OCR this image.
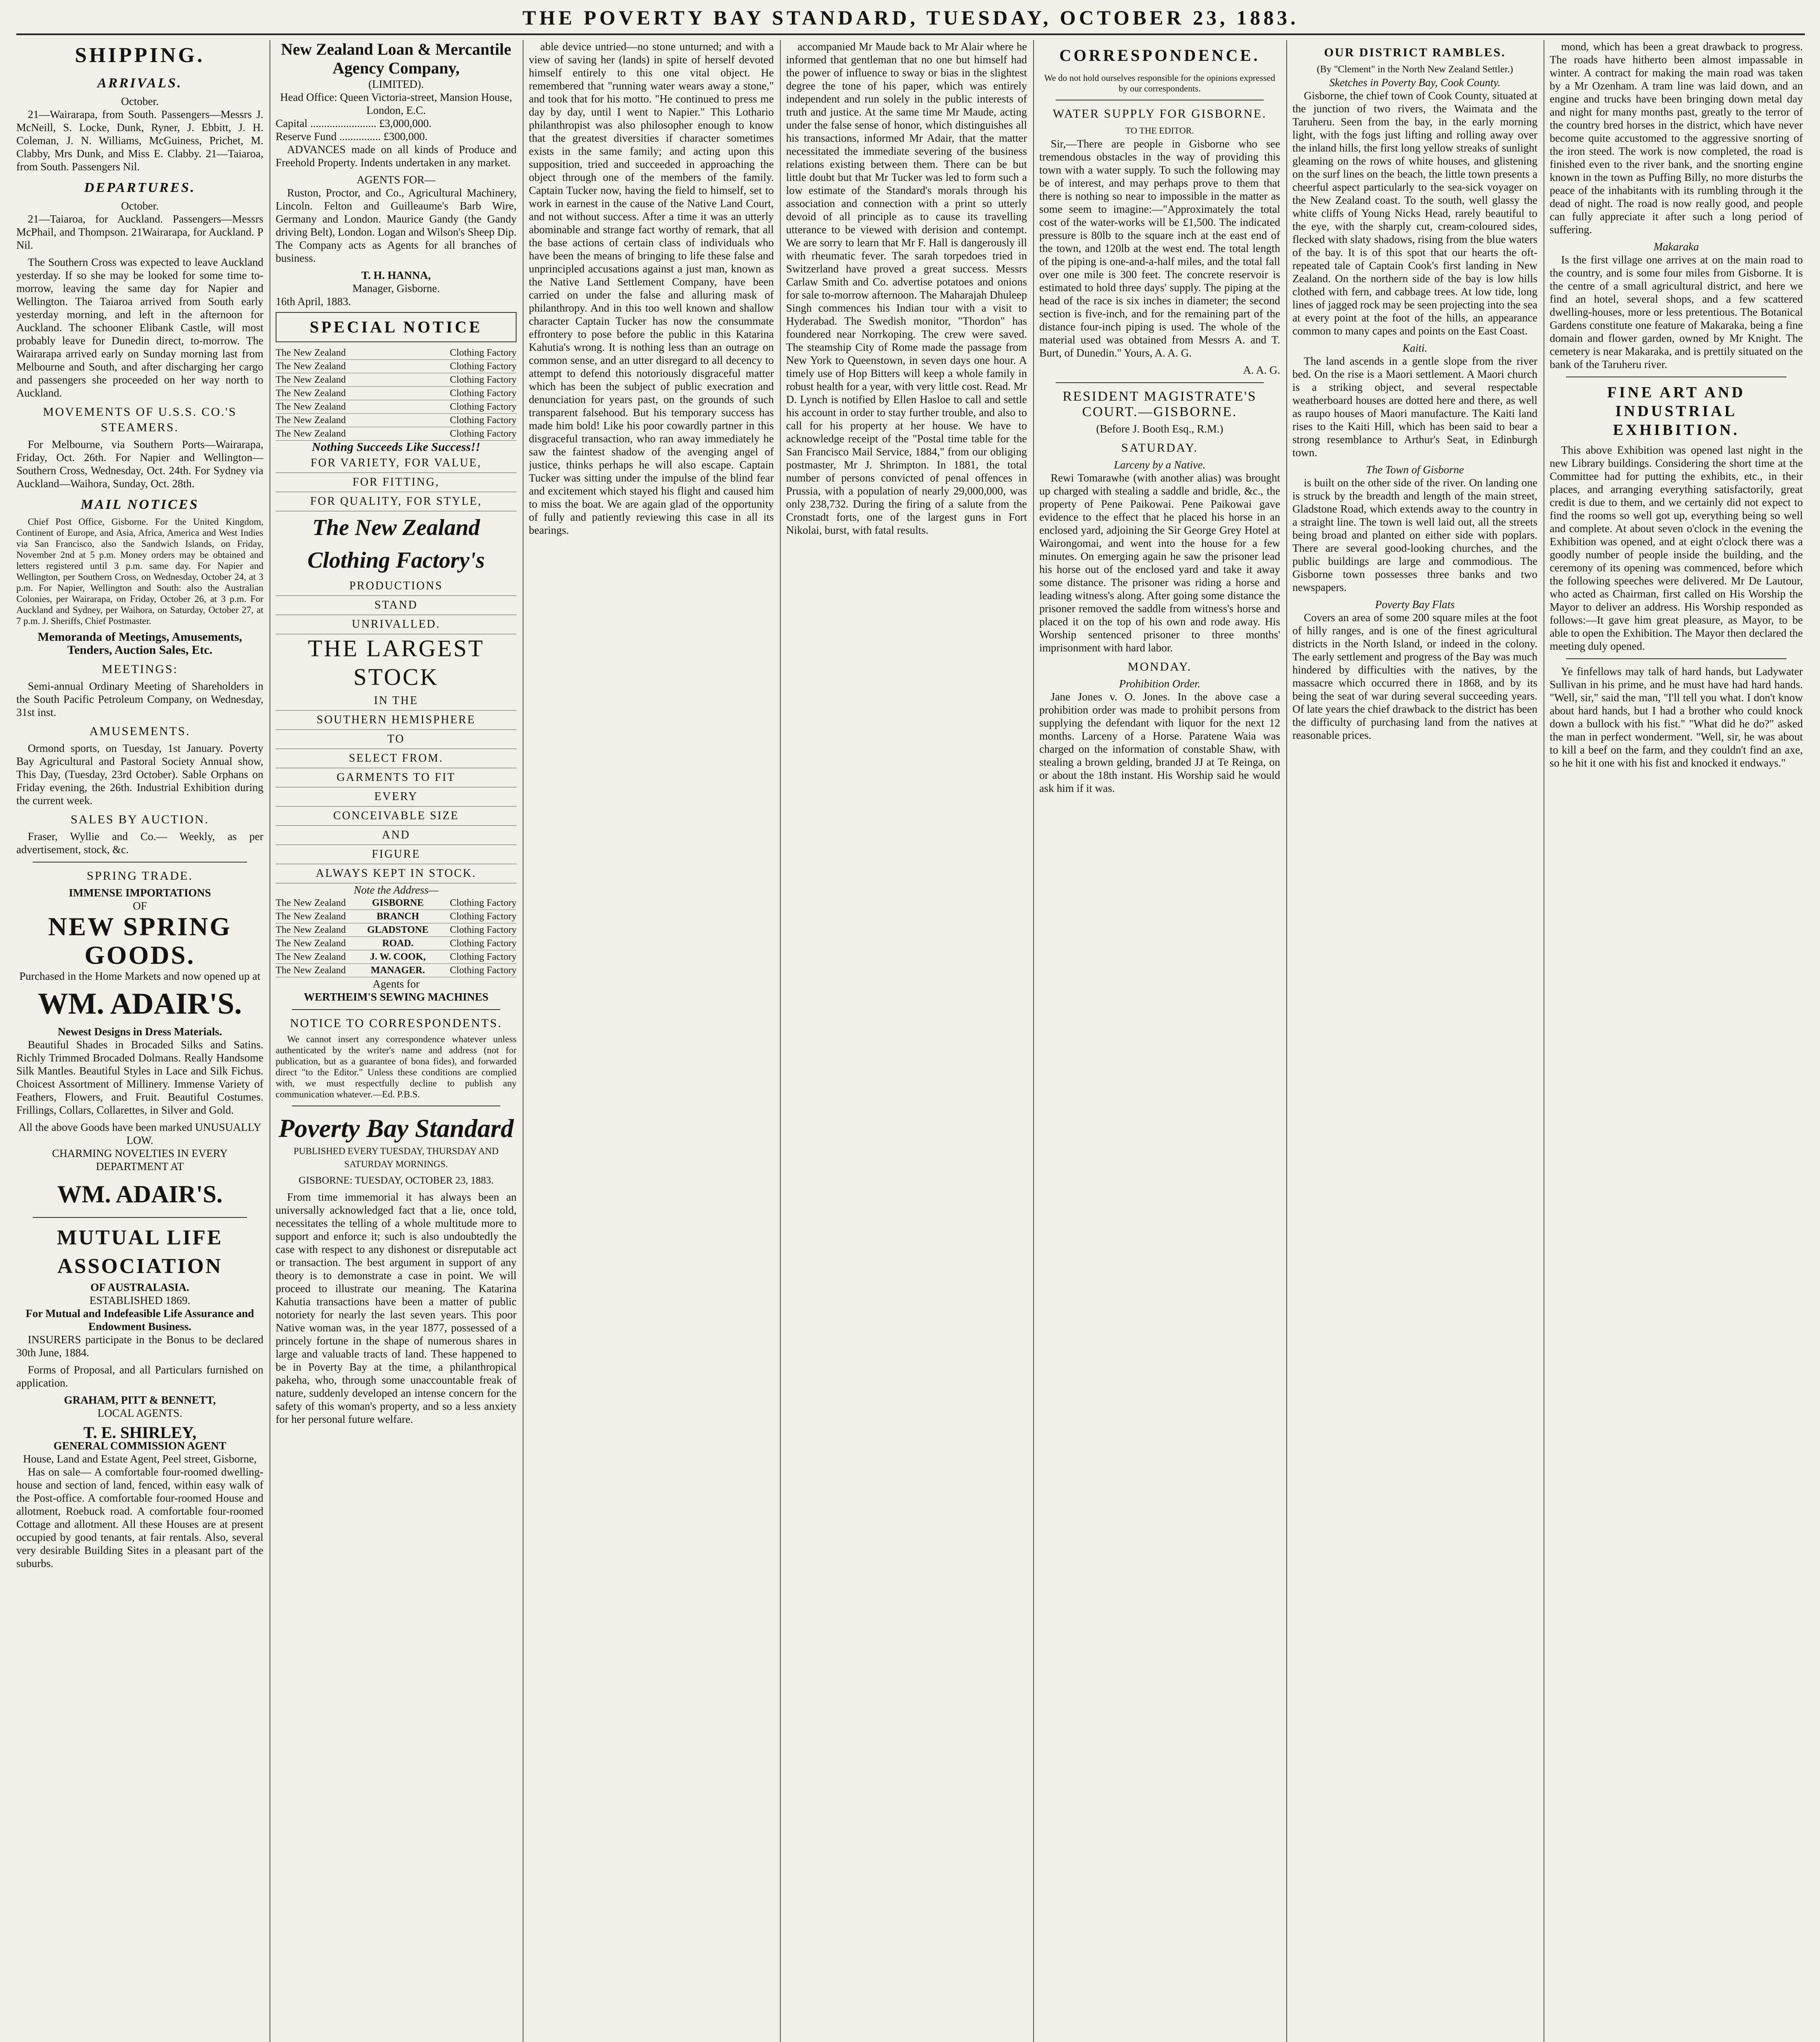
THE POVERTY BAY STANDARD, TUESDAY, OCTOBER 23, 1883.
SHIPPING.
ARRIVALS.
October.

21—Wairarapa, from South. Passengers—Messrs J. McNeill, S. Locke, Dunk, Ryner, J. Ebbitt, J. H. Coleman, J. N. Williams, McGuiness, Prichet, M. Clabby, Mrs Dunk, and Miss E. Clabby. 21—Taiaroa, from South. Passengers Nil.

DEPARTURES.
October.

21—Taiaroa, for Auckland. Passengers—Messrs McPhail, and Thompson. 21Wairarapa, for Auckland. P Nil.

The Southern Cross was expected to leave Auckland yesterday. If so she may be looked for some time to-morrow, leaving the same day for Napier and Wellington. The Taiaroa arrived from South early yesterday morning, and left in the afternoon for Auckland. The schooner Elibank Castle, will most probably leave for Dunedin direct, to-morrow. The Wairarapa arrived early on Sunday morning last from Melbourne and South, and after discharging her cargo and passengers she proceeded on her way north to Auckland.

MOVEMENTS OF U.S.S. CO.'S STEAMERS.

For Melbourne, via Southern Ports—Wairarapa, Friday, Oct. 26th. For Napier and Wellington—Southern Cross, Wednesday, Oct. 24th. For Sydney via Auckland—Waihora, Sunday, Oct. 28th.

MAIL NOTICES

Chief Post Office, Gisborne. For the United Kingdom, Continent of Europe, and Asia, Africa, America and West Indies via San Francisco, also the Sandwich Islands, on Friday, November 2nd at 5 p.m. Money orders may be obtained and letters registered until 3 p.m. same day. For Napier and Wellington, per Southern Cross, on Wednesday, October 24, at 3 p.m. For Napier, Wellington and South: also the Australian Colonies, per Wairarapa, on Friday, October 26, at 3 p.m. For Auckland and Sydney, per Waihora, on Saturday, October 27, at 7 p.m. J. Sheriffs, Chief Postmaster.

Memoranda of Meetings, Amusements, Tenders, Auction Sales, Etc.
MEETINGS:

Semi-annual Ordinary Meeting of Shareholders in the South Pacific Petroleum Company, on Wednesday, 31st inst.

AMUSEMENTS.

Ormond sports, on Tuesday, 1st January. Poverty Bay Agricultural and Pastoral Society Annual show, This Day, (Tuesday, 23rd October). Sable Orphans on Friday evening, the 26th. Industrial Exhibition during the current week.

SALES BY AUCTION.

Fraser, Wyllie and Co.— Weekly, as per advertisement, stock, &c.

SPRING TRADE.
IMMENSE IMPORTATIONS
OF
NEW SPRING GOODS.
Purchased in the Home Markets and now opened up at
WM. ADAIR'S.
Newest Designs in Dress Materials.

Beautiful Shades in Brocaded Silks and Satins. Richly Trimmed Brocaded Dolmans. Really Handsome Silk Mantles. Beautiful Styles in Lace and Silk Fichus. Choicest Assortment of Millinery. Immense Variety of Feathers, Flowers, and Fruit. Beautiful Costumes. Frillings, Collars, Collarettes, in Silver and Gold.

All the above Goods have been marked UNUSUALLY LOW.
CHARMING NOVELTIES IN EVERY DEPARTMENT AT
WM. ADAIR'S.
MUTUAL LIFE ASSOCIATION
OF AUSTRALASIA.
ESTABLISHED 1869.
For Mutual and Indefeasible Life Assurance and Endowment Business.

INSURERS participate in the Bonus to be declared 30th June, 1884.

Forms of Proposal, and all Particulars furnished on application.

GRAHAM, PITT & BENNETT,
LOCAL AGENTS.
T. E. SHIRLEY,
GENERAL COMMISSION AGENT
House, Land and Estate Agent, Peel street, Gisborne,

Has on sale— A comfortable four-roomed dwelling-house and section of land, fenced, within easy walk of the Post-office. A comfortable four-roomed House and allotment, Roebuck road. A comfortable four-roomed Cottage and allotment. All these Houses are at present occupied by good tenants, at fair rentals. Also, several very desirable Building Sites in a pleasant part of the suburbs.

New Zealand Loan & Mercantile Agency Company,
(LIMITED).
Head Office: Queen Victoria-street, Mansion House, London, E.C.
Capital ........................ £3,000,000.
Reserve Fund ............... £300,000.

ADVANCES made on all kinds of Produce and Freehold Property. Indents undertaken in any market.

AGENTS FOR—

Ruston, Proctor, and Co., Agricultural Machinery, Lincoln. Felton and Guilleaume's Barb Wire, Germany and London. Maurice Gandy (the Gandy driving Belt), London. Logan and Wilson's Sheep Dip. The Company acts as Agents for all branches of business.

T. H. HANNA,
Manager, Gisborne.
16th April, 1883.
SPECIAL NOTICE
The New Zealand	Clothing Factory
The New Zealand	Clothing Factory
The New Zealand	Clothing Factory
The New Zealand	Clothing Factory
The New Zealand	Clothing Factory
The New Zealand	Clothing Factory
The New Zealand	Clothing Factory
Nothing Succeeds Like Success!!
FOR VARIETY, FOR VALUE,
FOR FITTING,
FOR QUALITY, FOR STYLE,
The New Zealand
Clothing Factory's
PRODUCTIONS
STAND
UNRIVALLED.
THE LARGEST STOCK
IN THE
SOUTHERN HEMISPHERE
TO
SELECT FROM.
GARMENTS TO FIT
EVERY
CONCEIVABLE SIZE
AND
FIGURE
ALWAYS KEPT IN STOCK.
Note the Address—
The New Zealand	GISBORNE	Clothing Factory
The New Zealand	BRANCH	Clothing Factory
The New Zealand GLADSTONE Clothing Factory
The New Zealand	ROAD.	Clothing Factory
The New Zealand J. W. COOK, Clothing Factory
The New Zealand	MANAGER.	Clothing Factory
Agents for
WERTHEIM'S SEWING MACHINES
NOTICE TO CORRESPONDENTS.

We cannot insert any correspondence whatever unless authenticated by the writer's name and address (not for publication, but as a guarantee of bona fides), and forwarded direct "to the Editor." Unless these conditions are complied with, we must respectfully decline to publish any communication whatever.—Ed. P.B.S.

Poverty Bay Standard
PUBLISHED EVERY TUESDAY, THURSDAY AND SATURDAY MORNINGS.
GISBORNE: TUESDAY, OCTOBER 23, 1883.

From time immemorial it has always been an universally acknowledged fact that a lie, once told, necessitates the telling of a whole multitude more to support and enforce it; such is also undoubtedly the case with respect to any dishonest or disreputable act or transaction. The best argument in support of any theory is to demonstrate a case in point. We will proceed to illustrate our meaning. The Katarina Kahutia transactions have been a matter of public notoriety for nearly the last seven years. This poor Native woman was, in the year 1877, possessed of a princely fortune in the shape of numerous shares in large and valuable tracts of land. These happened to be in Poverty Bay at the time, a philanthropical pakeha, who, through some unaccountable freak of nature, suddenly developed an intense concern for the safety of this woman's property, and so a less anxiety for her personal future welfare.

able device untried—no stone unturned; and with a view of saving her (lands) in spite of herself devoted himself entirely to this one vital object. He remembered that "running water wears away a stone," and took that for his motto. "He continued to press me day by day, until I went to Napier." This Lothario philanthropist was also philosopher enough to know that the greatest diversities if character sometimes exists in the same family; and acting upon this supposition, tried and succeeded in approaching the object through one of the members of the family. Captain Tucker now, having the field to himself, set to work in earnest in the cause of the Native Land Court, and not without success. After a time it was an utterly abominable and strange fact worthy of remark, that all the base actions of certain class of individuals who have been the means of bringing to life these false and unprincipled accusations against a just man, known as the Native Land Settlement Company, have been carried on under the false and alluring mask of philanthropy. And in this too well known and shallow character Captain Tucker has now the consummate effrontery to pose before the public in this Katarina Kahutia's wrong. It is nothing less than an outrage on common sense, and an utter disregard to all decency to attempt to defend this notoriously disgraceful matter which has been the subject of public execration and denunciation for years past, on the grounds of such transparent falsehood. But his temporary success has made him bold! Like his poor cowardly partner in this disgraceful transaction, who ran away immediately he saw the faintest shadow of the avenging angel of justice, thinks perhaps he will also escape. Captain Tucker was sitting under the impulse of the blind fear and excitement which stayed his flight and caused him to miss the boat. We are again glad of the opportunity of fully and patiently reviewing this case in all its bearings.

accompanied Mr Maude back to Mr Alair where he informed that gentleman that no one but himself had the power of influence to sway or bias in the slightest degree the tone of his paper, which was entirely independent and run solely in the public interests of truth and justice. At the same time Mr Maude, acting under the false sense of honor, which distinguishes all his transactions, informed Mr Adair, that the matter necessitated the immediate severing of the business relations existing between them. There can be but little doubt but that Mr Tucker was led to form such a low estimate of the Standard's morals through his association and connection with a print so utterly devoid of all principle as to cause its travelling utterance to be viewed with derision and contempt. We are sorry to learn that Mr F. Hall is dangerously ill with rheumatic fever. The sarah torpedoes tried in Switzerland have proved a great success. Messrs Carlaw Smith and Co. advertise potatoes and onions for sale to-morrow afternoon. The Maharajah Dhuleep Singh commences his Indian tour with a visit to Hyderabad. The Swedish monitor, "Thordon" has foundered near Norrkoping. The crew were saved. The steamship City of Rome made the passage from New York to Queenstown, in seven days one hour. A timely use of Hop Bitters will keep a whole family in robust health for a year, with very little cost. Read. Mr D. Lynch is notified by Ellen Hasloe to call and settle his account in order to stay further trouble, and also to call for his property at her house. We have to acknowledge receipt of the "Postal time table for the San Francisco Mail Service, 1884," from our obliging postmaster, Mr J. Shrimpton. In 1881, the total number of persons convicted of penal offences in Prussia, with a population of nearly 29,000,000, was only 238,732. During the firing of a salute from the Cronstadt forts, one of the largest guns in Fort Nikolai, burst, with fatal results.

CORRESPONDENCE.
We do not hold ourselves responsible for the opinions expressed by our correspondents.
WATER SUPPLY FOR GISBORNE.
TO THE EDITOR.

Sir,—There are people in Gisborne who see tremendous obstacles in the way of providing this town with a water supply. To such the following may be of interest, and may perhaps prove to them that there is nothing so near to impossible in the matter as some seem to imagine:—"Approximately the total cost of the water-works will be £1,500. The indicated pressure is 80lb to the square inch at the east end of the town, and 120lb at the west end. The total length of the piping is one-and-a-half miles, and the total fall over one mile is 300 feet. The concrete reservoir is estimated to hold three days' supply. The piping at the head of the race is six inches in diameter; the second section is five-inch, and for the remaining part of the distance four-inch piping is used. The whole of the material used was obtained from Messrs A. and T. Burt, of Dunedin." Yours, A. A. G.

A. A. G.
RESIDENT MAGISTRATE'S COURT.—GISBORNE.
(Before J. Booth Esq., R.M.)
SATURDAY.
Larceny by a Native.

Rewi Tomarawhe (with another alias) was brought up charged with stealing a saddle and bridle, &c., the property of Pene Paikowai. Pene Paikowai gave evidence to the effect that he placed his horse in an enclosed yard, adjoining the Sir George Grey Hotel at Wairongomai, and went into the house for a few minutes. On emerging again he saw the prisoner lead his horse out of the enclosed yard and take it away some distance. The prisoner was riding a horse and leading witness's along. After going some distance the prisoner removed the saddle from witness's horse and placed it on the top of his own and rode away. His Worship sentenced prisoner to three months' imprisonment with hard labor.

MONDAY.
Prohibition Order.

Jane Jones v. O. Jones. In the above case a prohibition order was made to prohibit persons from supplying the defendant with liquor for the next 12 months. Larceny of a Horse. Paratene Waia was charged on the information of constable Shaw, with stealing a brown gelding, branded JJ at Te Reinga, on or about the 18th instant. His Worship said he would ask him if it was.

OUR DISTRICT RAMBLES.
(By "Clement" in the North New Zealand Settler.)
Sketches in Poverty Bay, Cook County.

Gisborne, the chief town of Cook County, situated at the junction of two rivers, the Waimata and the Taruheru. Seen from the bay, in the early morning light, with the fogs just lifting and rolling away over the inland hills, the first long yellow streaks of sunlight gleaming on the rows of white houses, and glistening on the surf lines on the beach, the little town presents a cheerful aspect particularly to the sea-sick voyager on the New Zealand coast. To the south, well glassy the white cliffs of Young Nicks Head, rarely beautiful to the eye, with the sharply cut, cream-coloured sides, flecked with slaty shadows, rising from the blue waters of the bay. It is of this spot that our hearts the oft-repeated tale of Captain Cook's first landing in New Zealand. On the northern side of the bay is low hills clothed with fern, and cabbage trees. At low tide, long lines of jagged rock may be seen projecting into the sea at every point at the foot of the hills, an appearance common to many capes and points on the East Coast.

Kaiti.

The land ascends in a gentle slope from the river bed. On the rise is a Maori settlement. A Maori church is a striking object, and several respectable weatherboard houses are dotted here and there, as well as raupo houses of Maori manufacture. The Kaiti land rises to the Kaiti Hill, which has been said to bear a strong resemblance to Arthur's Seat, in Edinburgh town.

The Town of Gisborne

is built on the other side of the river. On landing one is struck by the breadth and length of the main street, Gladstone Road, which extends away to the country in a straight line. The town is well laid out, all the streets being broad and planted on either side with poplars. There are several good-looking churches, and the public buildings are large and commodious. The Gisborne town possesses three banks and two newspapers.

Poverty Bay Flats

Covers an area of some 200 square miles at the foot of hilly ranges, and is one of the finest agricultural districts in the North Island, or indeed in the colony. The early settlement and progress of the Bay was much hindered by difficulties with the natives, by the massacre which occurred there in 1868, and by its being the seat of war during several succeeding years. Of late years the chief drawback to the district has been the difficulty of purchasing land from the natives at reasonable prices.

mond, which has been a great drawback to progress. The roads have hitherto been almost impassable in winter. A contract for making the main road was taken by a Mr Ozenham. A tram line was laid down, and an engine and trucks have been bringing down metal day and night for many months past, greatly to the terror of the country bred horses in the district, which have never become quite accustomed to the aggressive snorting of the iron steed. The work is now completed, the road is finished even to the river bank, and the snorting engine known in the town as Puffing Billy, no more disturbs the peace of the inhabitants with its rumbling through it the dead of night. The road is now really good, and people can fully appreciate it after such a long period of suffering.

Makaraka

Is the first village one arrives at on the main road to the country, and is some four miles from Gisborne. It is the centre of a small agricultural district, and here we find an hotel, several shops, and a few scattered dwelling-houses, more or less pretentious. The Botanical Gardens constitute one feature of Makaraka, being a fine domain and flower garden, owned by Mr Knight. The cemetery is near Makaraka, and is prettily situated on the bank of the Taruheru river.

FINE ART AND INDUSTRIAL EXHIBITION.

This above Exhibition was opened last night in the new Library buildings. Considering the short time at the Committee had for putting the exhibits, etc., in their places, and arranging everything satisfactorily, great credit is due to them, and we certainly did not expect to find the rooms so well got up, everything being so well and complete. At about seven o'clock in the evening the Exhibition was opened, and at eight o'clock there was a goodly number of people inside the building, and the ceremony of its opening was commenced, before which the following speeches were delivered. Mr De Lautour, who acted as Chairman, first called on His Worship the Mayor to deliver an address. His Worship responded as follows:—It gave him great pleasure, as Mayor, to be able to open the Exhibition. The Mayor then declared the meeting duly opened.

Ye finfellows may talk of hard hands, but Ladywater Sullivan in his prime, and he must have had hard hands. "Well, sir," said the man, "I'll tell you what. I don't know about hard hands, but I had a brother who could knock down a bullock with his fist." "What did he do?" asked the man in perfect wonderment. "Well, sir, he was about to kill a beef on the farm, and they couldn't find an axe, so he hit it one with his fist and knocked it endways."
